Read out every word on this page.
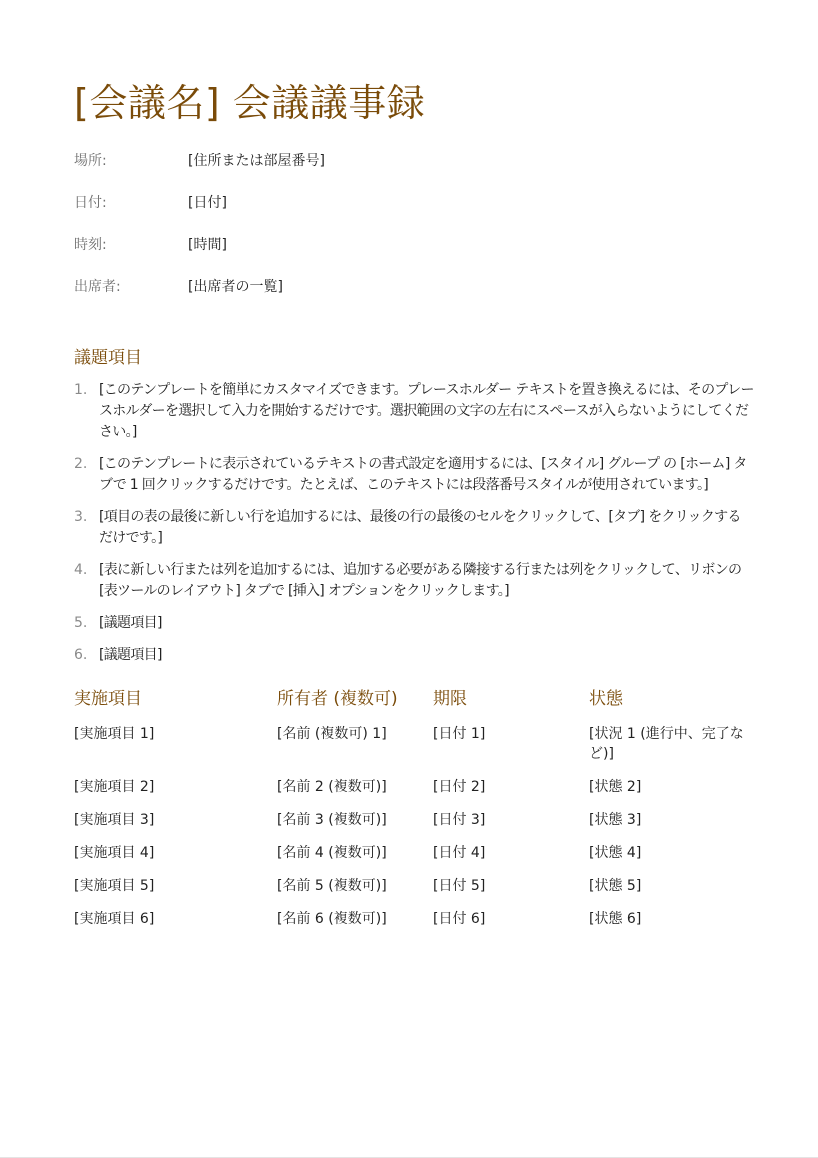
[会議名] 会議議事録
場所:	[住所または部屋番号]
日付:	[日付]
時刻:	[時間]
出席者:	[出席者の一覧]
議題項目
1. [このテンプレートを簡単にカスタマイズできます。プレースホルダー テキストを置き換えるには、そのプレースホルダーを選択して入力を開始するだけです。選択範囲の文字の左右にスペースが入らないようにしてください。]
2. [このテンプレートに表示されているテキストの書式設定を適用するには、[スタイル] グループ の [ホーム] タブで 1 回クリックするだけです。たとえば、このテキストには段落番号スタイルが使用されています。]
3. [項目の表の最後に新しい行を追加するには、最後の行の最後のセルをクリックして、[タブ] をクリックするだけです。]
4. [表に新しい行または列を追加するには、追加する必要がある隣接する行または列をクリックして、リボンの [表ツールのレイアウト] タブで [挿入] オプションをクリックします。]
5. [議題項目]
6. [議題項目]
実施項目	所有者 (複数可)	期限	状態
[実施項目 1]	[名前 (複数可) 1]	[日付 1]	[状況 1 (進行中、完了など)]
[実施項目 2]	[名前 2 (複数可)]	[日付 2]	[状態 2]
[実施項目 3]	[名前 3 (複数可)]	[日付 3]	[状態 3]
[実施項目 4]	[名前 4 (複数可)]	[日付 4]	[状態 4]
[実施項目 5]	[名前 5 (複数可)]	[日付 5]	[状態 5]
[実施項目 6]	[名前 6 (複数可)]	[日付 6]	[状態 6]
